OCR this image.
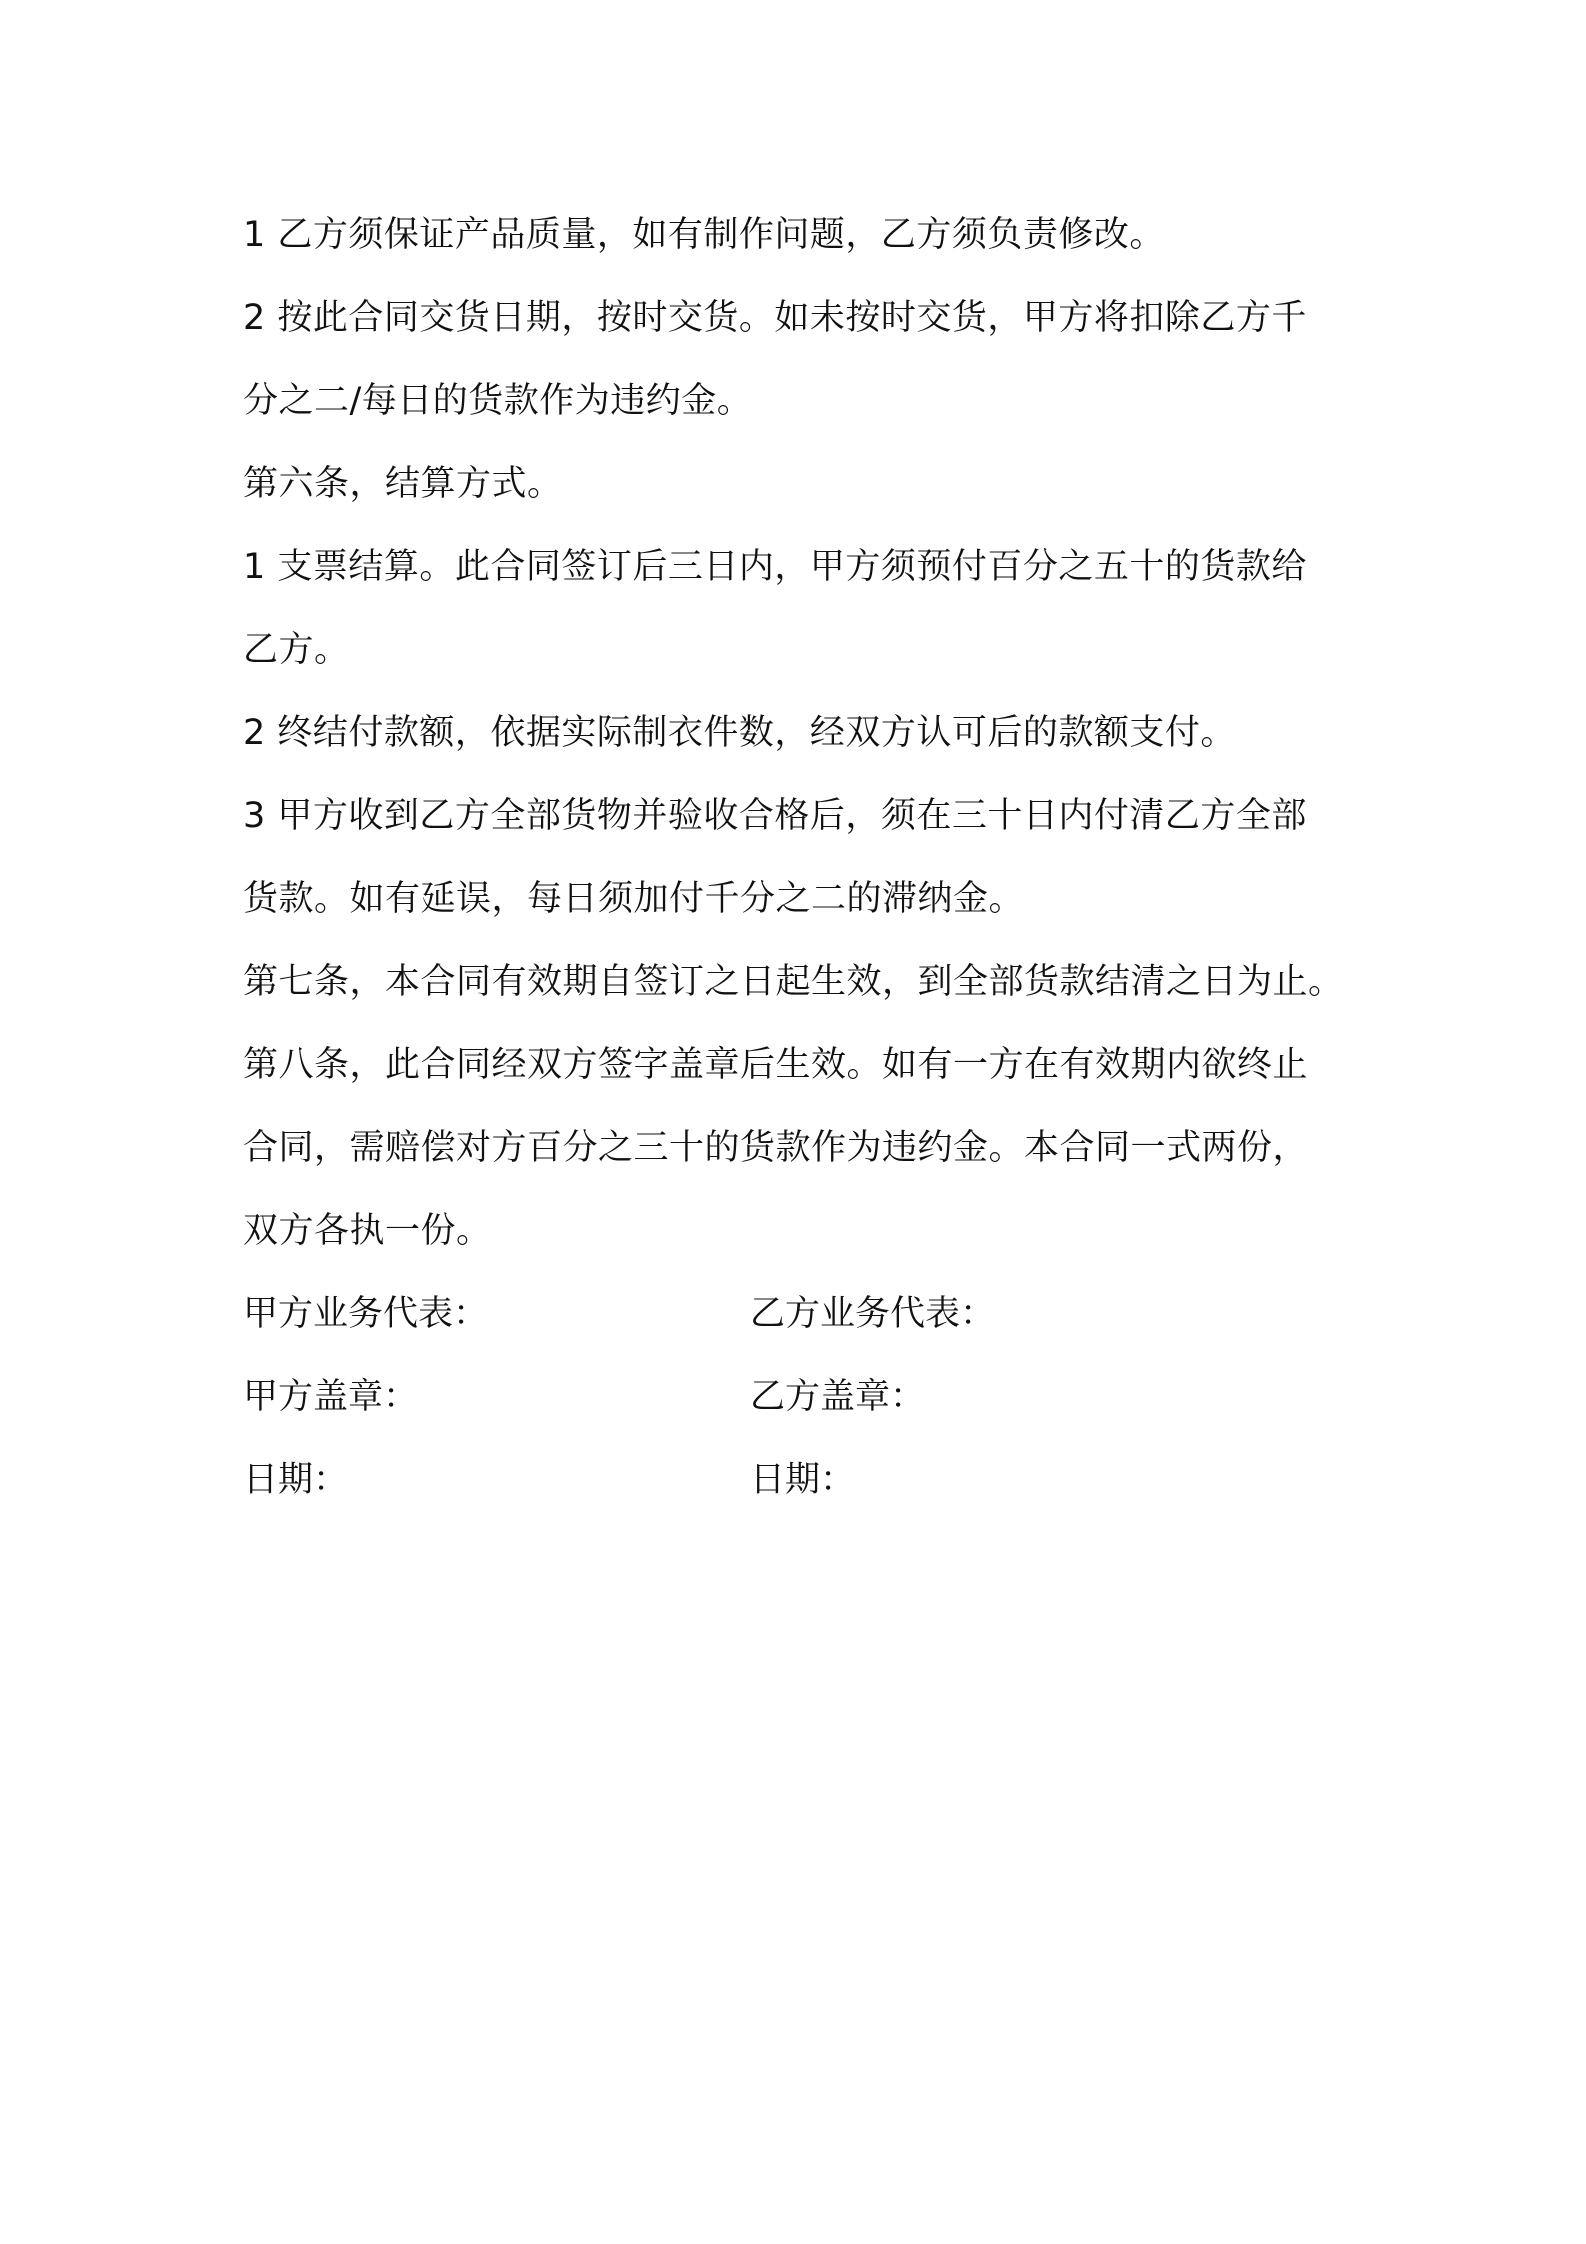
1 乙方须保证产品质量，如有制作问题，乙方须负责修改。
2 按此合同交货日期，按时交货。如未按时交货，甲方将扣除乙方千
分之二/每日的货款作为违约金。
第六条，结算方式。
1 支票结算。此合同签订后三日内，甲方须预付百分之五十的货款给
乙方。
2 终结付款额，依据实际制衣件数，经双方认可后的款额支付。
3 甲方收到乙方全部货物并验收合格后，须在三十日内付清乙方全部
货款。如有延误，每日须加付千分之二的滞纳金。
第七条，本合同有效期自签订之日起生效，到全部货款结清之日为止。
第八条，此合同经双方签字盖章后生效。如有一方在有效期内欲终止
合同，需赔偿对方百分之三十的货款作为违约金。本合同一式两份，
双方各执一份。
甲方业务代表：	乙方业务代表：
甲方盖章：	乙方盖章：
日期：	日期：
